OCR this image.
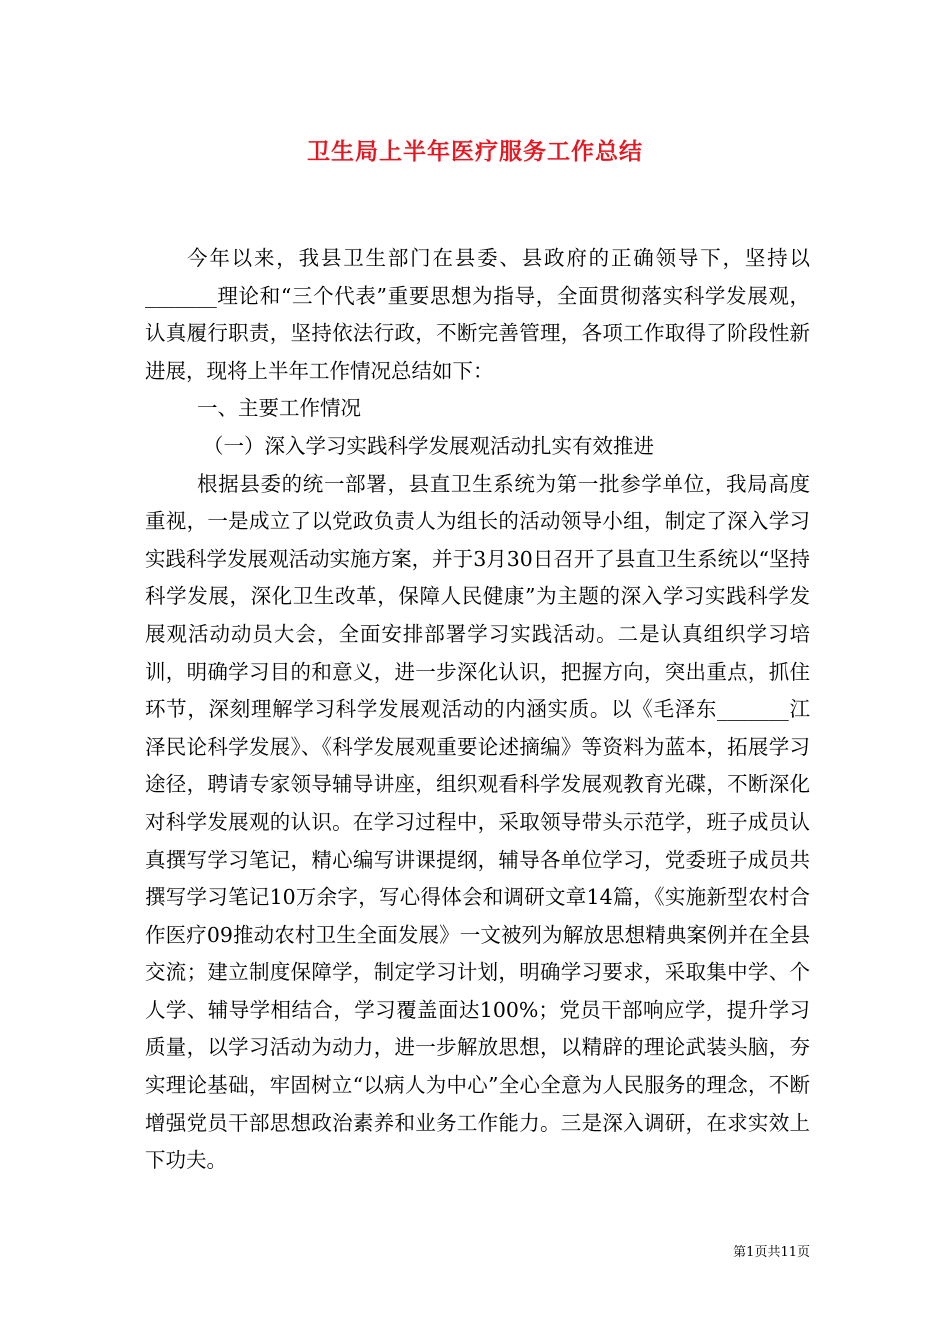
卫生局上半年医疗服务工作总结

今年以来，我县卫生部门在县委、县政府的正确领导下，坚持以_______理论和“三个代表”重要思想为指导，全面贯彻落实科学发展观，认真履行职责，坚持依法行政，不断完善管理，各项工作取得了阶段性新进展，现将上半年工作情况总结如下：

一、主要工作情况

（一）深入学习实践科学发展观活动扎实有效推进

根据县委的统一部署，县直卫生系统为第一批参学单位，我局高度重视，一是成立了以党政负责人为组长的活动领导小组，制定了深入学习实践科学发展观活动实施方案，并于3月30日召开了县直卫生系统以“坚持科学发展，深化卫生改革，保障人民健康”为主题的深入学习实践科学发展观活动动员大会，全面安排部署学习实践活动。二是认真组织学习培训，明确学习目的和意义，进一步深化认识，把握方向，突出重点，抓住环节，深刻理解学习科学发展观活动的内涵实质。以《毛泽东_______江泽民论科学发展》、《科学发展观重要论述摘编》等资料为蓝本，拓展学习途径，聘请专家领导辅导讲座，组织观看科学发展观教育光碟，不断深化对科学发展观的认识。在学习过程中，采取领导带头示范学，班子成员认真撰写学习笔记，精心编写讲课提纲，辅导各单位学习，党委班子成员共撰写学习笔记10万余字，写心得体会和调研文章14篇，《实施新型农村合作医疗09推动农村卫生全面发展》一文被列为解放思想精典案例并在全县交流；建立制度保障学，制定学习计划，明确学习要求，采取集中学、个人学、辅导学相结合，学习覆盖面达100%；党员干部响应学，提升学习质量，以学习活动为动力，进一步解放思想，以精辟的理论武装头脑，夯实理论基础，牢固树立“以病人为中心”全心全意为人民服务的理念，不断增强党员干部思想政治素养和业务工作能力。三是深入调研，在求实效上下功夫。

第1页共11页
